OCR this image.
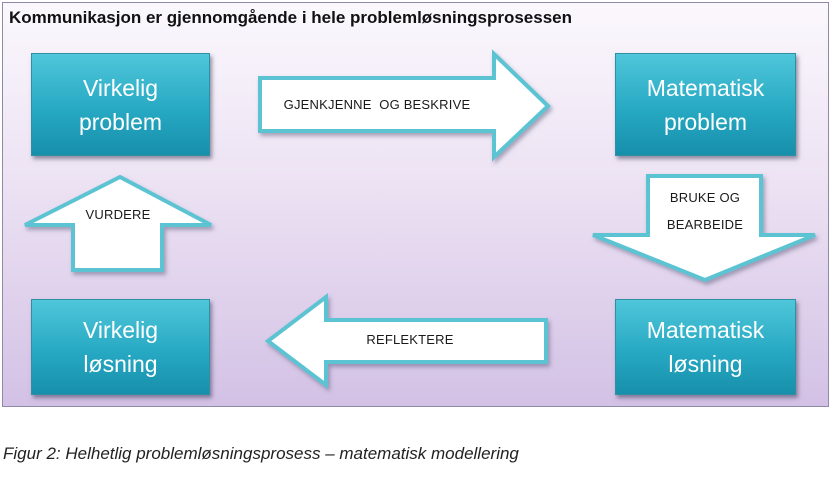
Kommunikasjon er gjennomgående i hele problemløsningsprosessen
Virkelig
problem
Matematisk
problem
Virkelig
løsning
Matematisk
løsning
GJENKJENNE  OG BESKRIVE
BRUKE OG
BEARBEIDE
REFLEKTERE
VURDERE
Figur 2: Helhetlig problemløsningsprosess – matematisk modellering
